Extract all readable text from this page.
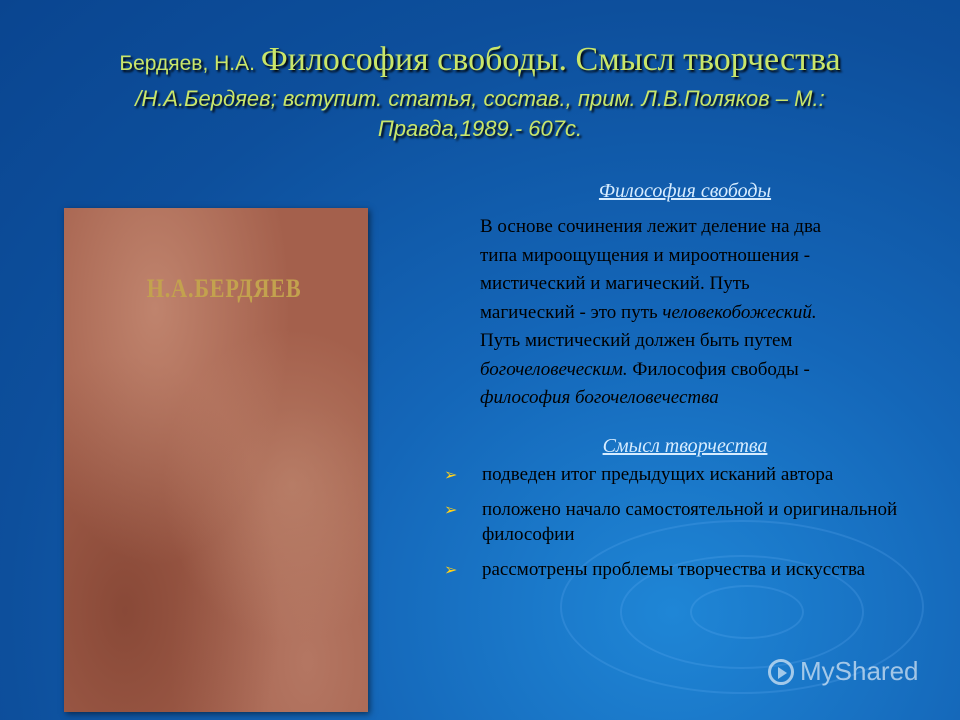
Бердяев, Н.А. Философия свободы. Смысл творчества
/Н.А.Бердяев; вступит. статья, состав., прим. Л.В.Поляков – М.:
Правда,1989.- 607с.
Н.А.БЕРДЯЕВ
Философия свободы
В основе сочинения лежит деление на два
типа мироощущения и мироотношения -
мистический и магический. Путь
магический - это путь человекобожеский.
Путь мистический должен быть путем
богочеловеческим. Философия свободы -
философия богочеловечества
Смысл творчества
➢ подведен итог предыдущих исканий автора
➢ положено начало самостоятельной и оригинальной философии
➢ рассмотрены проблемы творчества и искусства
MyShared
